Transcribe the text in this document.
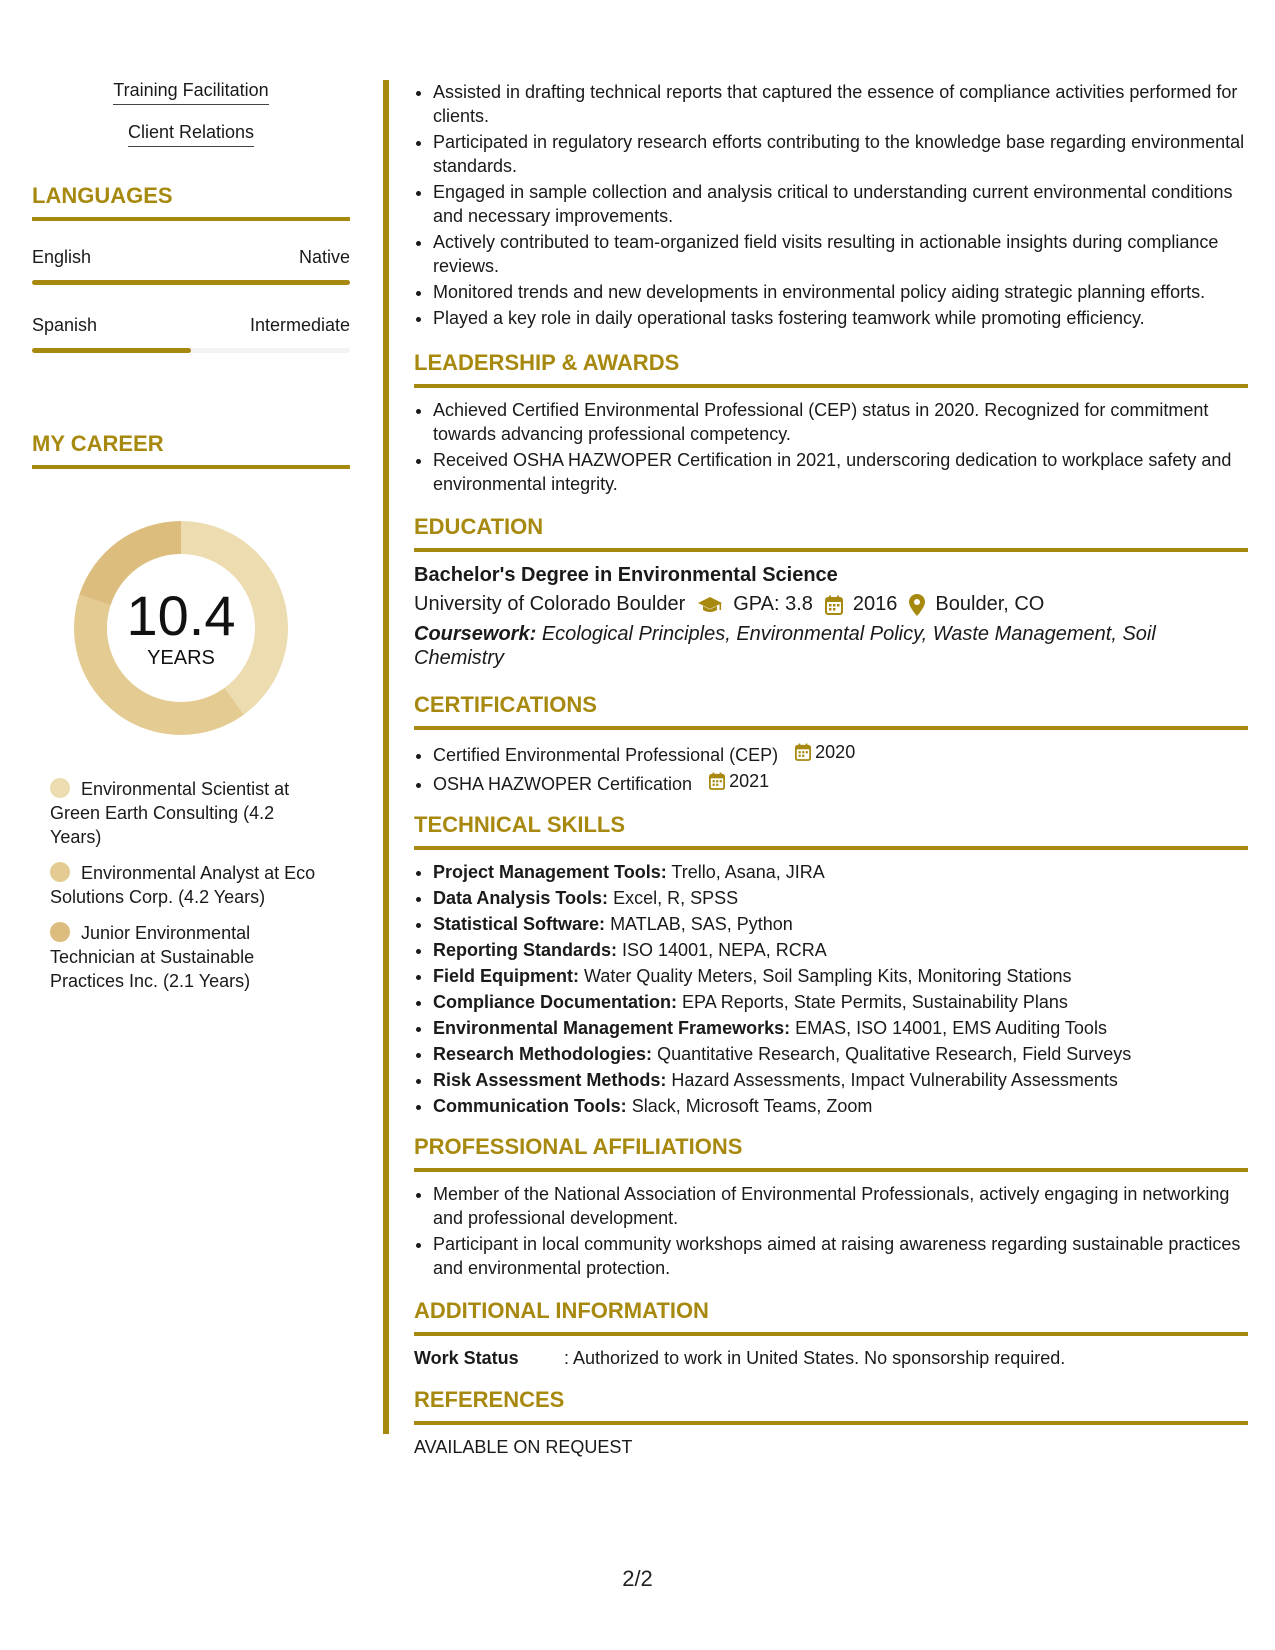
Training Facilitation
Client Relations
LANGUAGES
English	Native
Spanish	Intermediate
MY CAREER
10.4
YEARS
Environmental Scientist at Green Earth Consulting (4.2 Years)
Environmental Analyst at Eco Solutions Corp. (4.2 Years)
Junior Environmental Technician at Sustainable Practices Inc. (2.1 Years)
• Assisted in drafting technical reports that captured the essence of compliance activities performed for clients.
• Participated in regulatory research efforts contributing to the knowledge base regarding environmental standards.
• Engaged in sample collection and analysis critical to understanding current environmental conditions and necessary improvements.
• Actively contributed to team-organized field visits resulting in actionable insights during compliance reviews.
• Monitored trends and new developments in environmental policy aiding strategic planning efforts.
• Played a key role in daily operational tasks fostering teamwork while promoting efficiency.
LEADERSHIP & AWARDS
• Achieved Certified Environmental Professional (CEP) status in 2020. Recognized for commitment towards advancing professional competency.
• Received OSHA HAZWOPER Certification in 2021, underscoring dedication to workplace safety and environmental integrity.
EDUCATION
Bachelor's Degree in Environmental Science
University of Colorado Boulder GPA: 3.8 2016 Boulder, CO
Coursework: Ecological Principles, Environmental Policy, Waste Management, Soil Chemistry
CERTIFICATIONS
• Certified Environmental Professional (CEP) 2020
• OSHA HAZWOPER Certification 2021
TECHNICAL SKILLS
• Project Management Tools: Trello, Asana, JIRA
• Data Analysis Tools: Excel, R, SPSS
• Statistical Software: MATLAB, SAS, Python
• Reporting Standards: ISO 14001, NEPA, RCRA
• Field Equipment: Water Quality Meters, Soil Sampling Kits, Monitoring Stations
• Compliance Documentation: EPA Reports, State Permits, Sustainability Plans
• Environmental Management Frameworks: EMAS, ISO 14001, EMS Auditing Tools
• Research Methodologies: Quantitative Research, Qualitative Research, Field Surveys
• Risk Assessment Methods: Hazard Assessments, Impact Vulnerability Assessments
• Communication Tools: Slack, Microsoft Teams, Zoom
PROFESSIONAL AFFILIATIONS
• Member of the National Association of Environmental Professionals, actively engaging in networking and professional development.
• Participant in local community workshops aimed at raising awareness regarding sustainable practices and environmental protection.
ADDITIONAL INFORMATION
Work Status	: Authorized to work in United States. No sponsorship required.
REFERENCES
AVAILABLE ON REQUEST
2/2
